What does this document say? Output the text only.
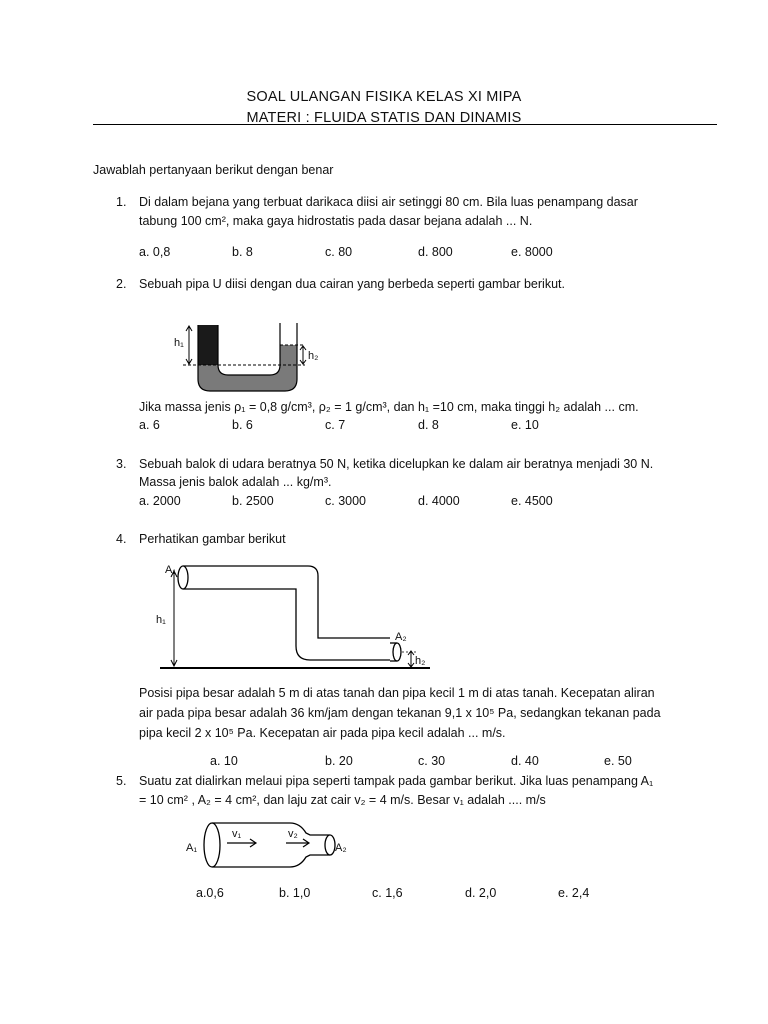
SOAL ULANGAN FISIKA KELAS XI MIPA
MATERI : FLUIDA STATIS DAN DINAMIS
Jawablah pertanyaan berikut dengan benar
1. Di dalam bejana yang terbuat darikaca diisi air setinggi 80 cm. Bila luas penampang dasar
tabung 100 cm², maka gaya hidrostatis pada dasar bejana adalah ... N.
a. 0,8	b. 8	c. 80	d. 800	e. 8000
2. Sebuah pipa U diisi dengan dua cairan yang berbeda seperti gambar berikut.
h₁
h₂
Jika massa jenis ρ₁ = 0,8 g/cm³, ρ₂ = 1 g/cm³, dan h₁ =10 cm, maka tinggi h₂ adalah ... cm.
a. 6	b. 6	c. 7	d. 8	e. 10
3. Sebuah balok di udara beratnya 50 N, ketika dicelupkan ke dalam air beratnya menjadi 30 N.
Massa jenis balok adalah ... kg/m³.
a. 2000	b. 2500	c. 3000	d. 4000	e. 4500
4. Perhatikan gambar berikut
h₁
A₁
h₂
A₂
Posisi pipa besar adalah 5 m di atas tanah dan pipa kecil 1 m di atas tanah. Kecepatan aliran
air pada pipa besar adalah 36 km/jam dengan tekanan 9,1 x 10⁵ Pa, sedangkan tekanan pada
pipa kecil 2 x 10⁵ Pa. Kecepatan air pada pipa kecil adalah ... m/s.
a. 10	b. 20	c. 30	d. 40	e. 50
5. Suatu zat dialirkan melaui pipa seperti tampak pada gambar berikut. Jika luas penampang A₁
= 10 cm² , A₂ = 4 cm², dan laju zat cair v₂ = 4 m/s. Besar v₁ adalah .... m/s
v₁	v₂
A₁	A₂
a.0,6	b. 1,0	c. 1,6	d. 2,0	e. 2,4
